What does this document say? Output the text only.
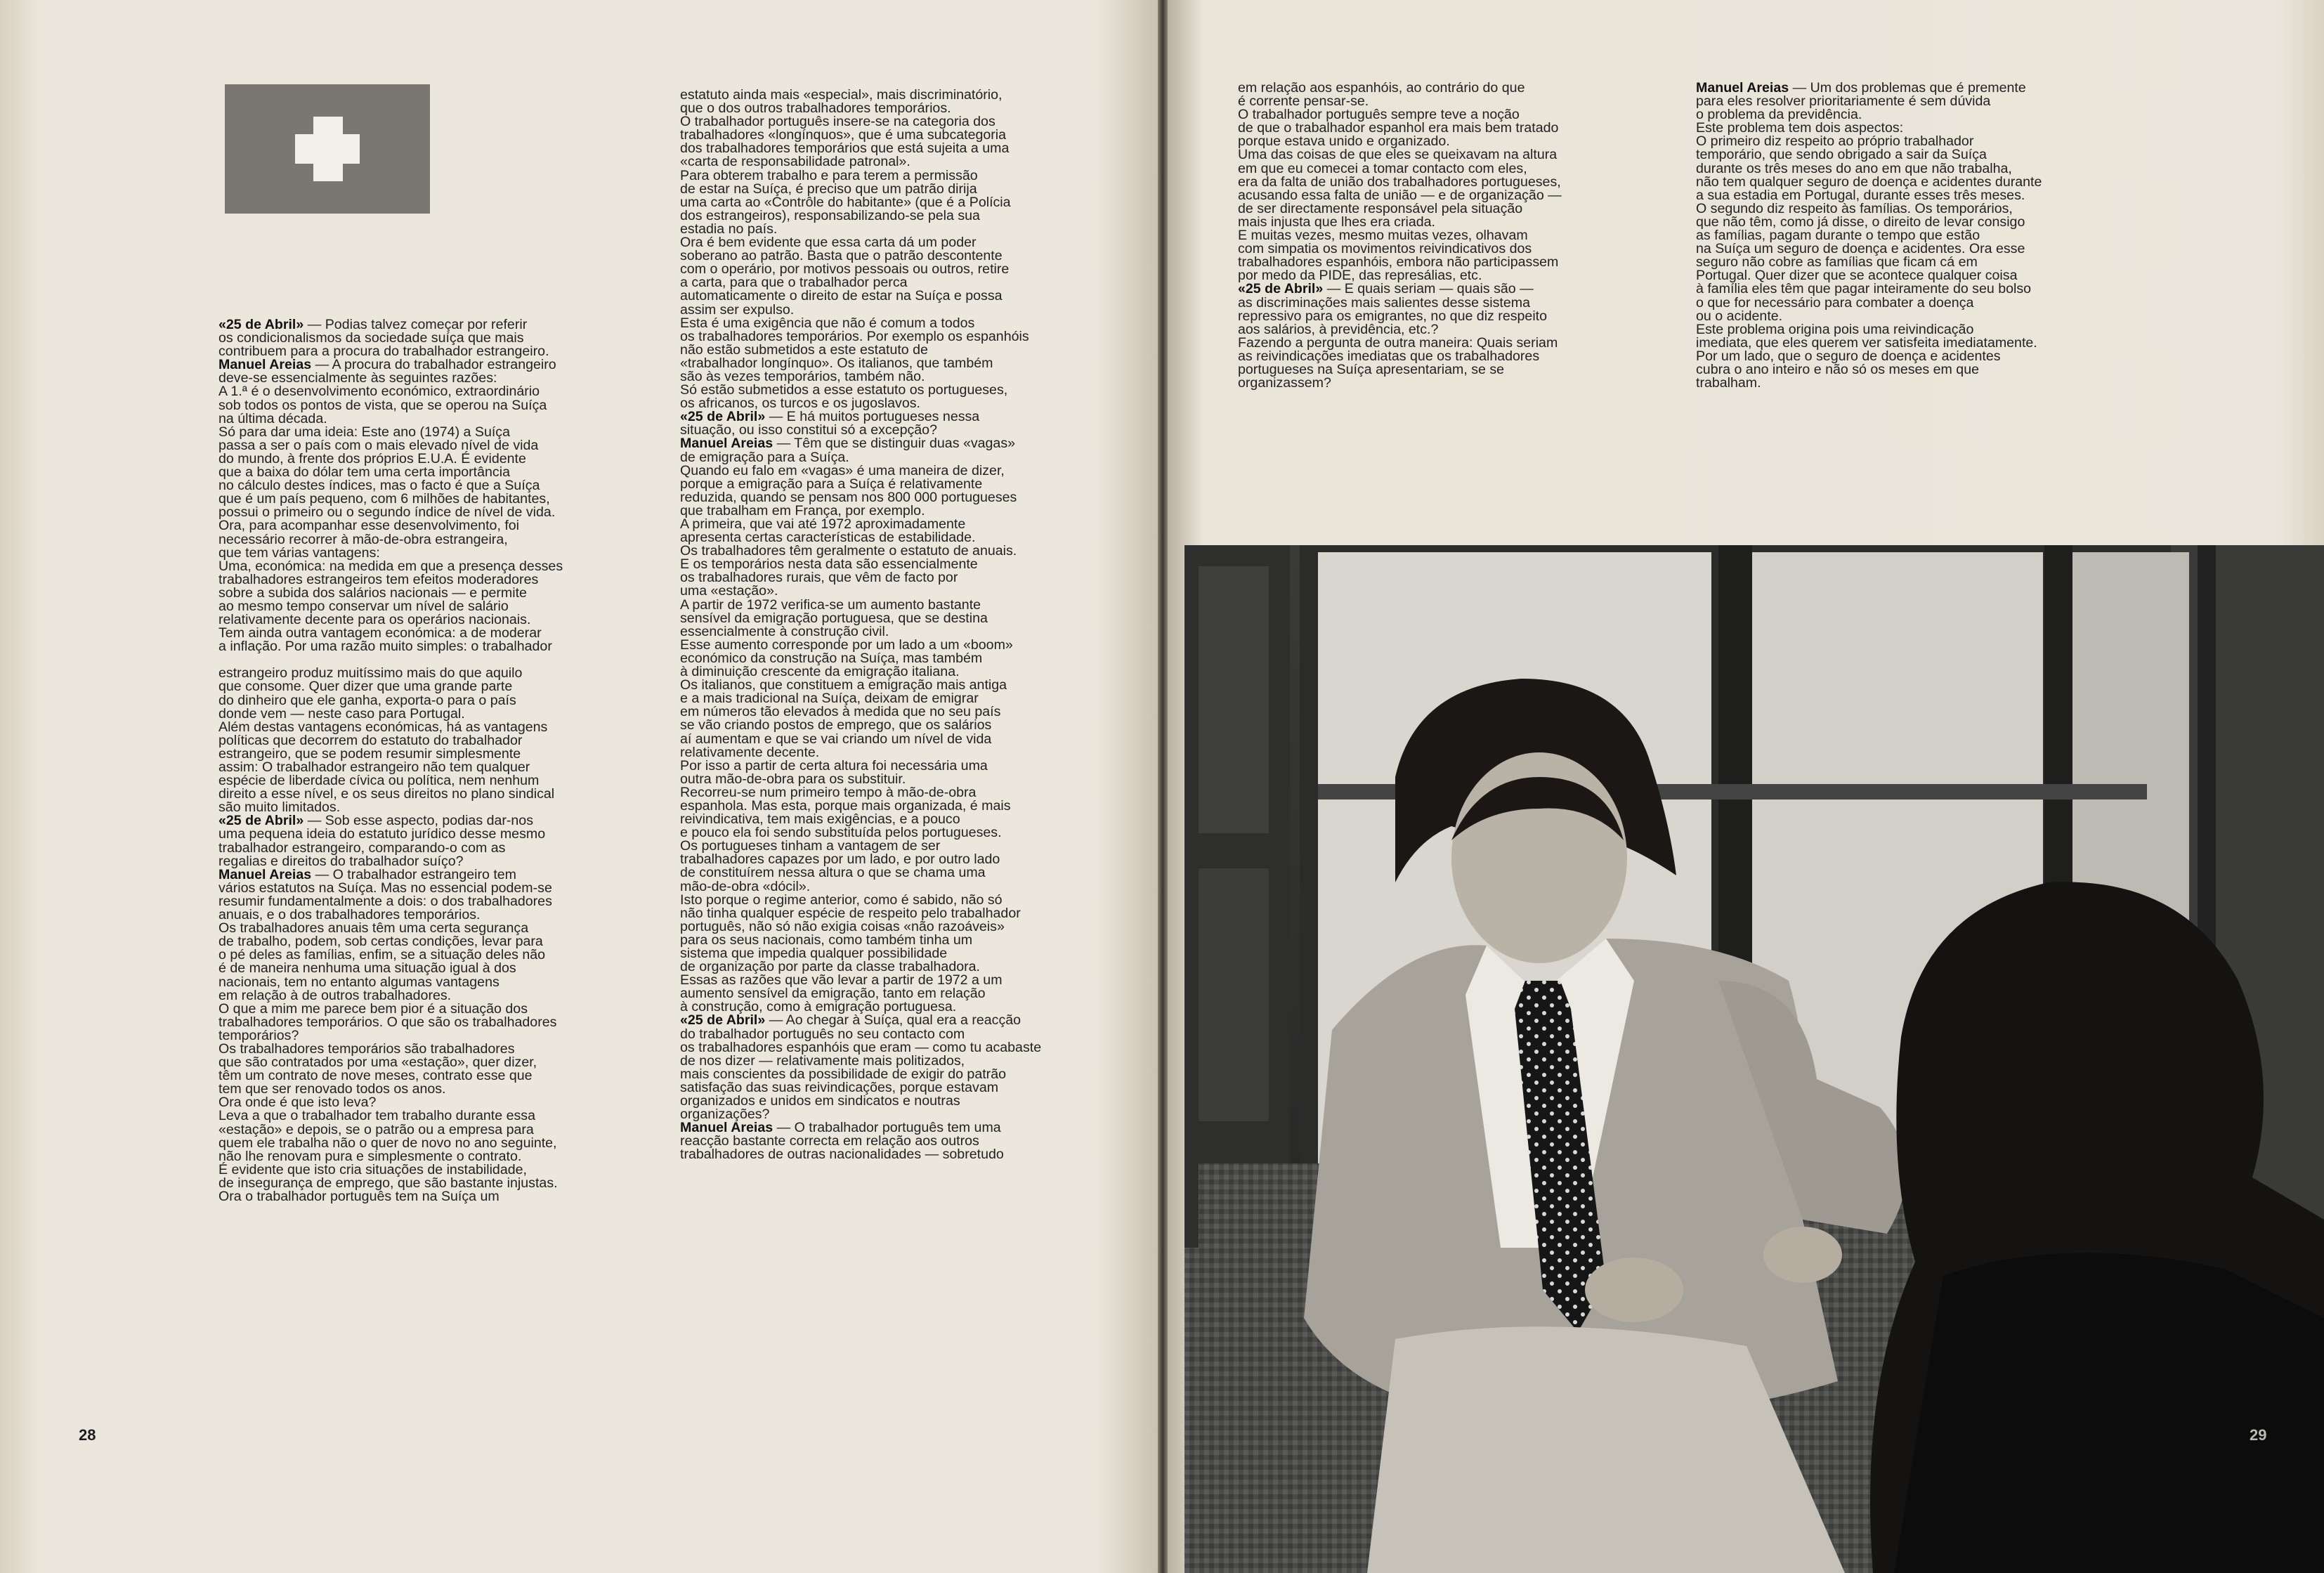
«25 de Abril» — Podias talvez começar por referir
os condicionalismos da sociedade suíça que mais
contribuem para a procura do trabalhador estrangeiro.

Manuel Areias — A procura do trabalhador estrangeiro
deve-se essencialmente às seguintes razões:
A 1.ª é o desenvolvimento económico, extraordinário
sob todos os pontos de vista, que se operou na Suíça
na última década.
Só para dar uma ideia: Este ano (1974) a Suíça
passa a ser o país com o mais elevado nível de vida
do mundo, à frente dos próprios E.U.A. É evidente
que a baixa do dólar tem uma certa importância
no cálculo destes índices, mas o facto é que a Suíça
que é um país pequeno, com 6 milhões de habitantes,
possui o primeiro ou o segundo índice de nível de vida.
Ora, para acompanhar esse desenvolvimento, foi
necessário recorrer à mão-de-obra estrangeira,
que tem várias vantagens:
Uma, económica: na medida em que a presença desses
trabalhadores estrangeiros tem efeitos moderadores
sobre a subida dos salários nacionais — e permite
ao mesmo tempo conservar um nível de salário
relativamente decente para os operários nacionais.
Tem ainda outra vantagem económica: a de moderar
a inflação. Por uma razão muito simples: o trabalhador

estrangeiro produz muitíssimo mais do que aquilo
que consome. Quer dizer que uma grande parte
do dinheiro que ele ganha, exporta-o para o país
donde vem — neste caso para Portugal.
Além destas vantagens económicas, há as vantagens
políticas que decorrem do estatuto do trabalhador
estrangeiro, que se podem resumir simplesmente
assim: O trabalhador estrangeiro não tem qualquer
espécie de liberdade cívica ou política, nem nenhum
direito a esse nível, e os seus direitos no plano sindical
são muito limitados.

«25 de Abril» — Sob esse aspecto, podias dar-nos
uma pequena ideia do estatuto jurídico desse mesmo
trabalhador estrangeiro, comparando-o com as
regalias e direitos do trabalhador suíço?

Manuel Areias — O trabalhador estrangeiro tem
vários estatutos na Suíça. Mas no essencial podem-se
resumir fundamentalmente a dois: o dos trabalhadores
anuais, e o dos trabalhadores temporários.
Os trabalhadores anuais têm uma certa segurança
de trabalho, podem, sob certas condições, levar para
o pé deles as famílias, enfim, se a situação deles não
é de maneira nenhuma uma situação igual à dos
nacionais, tem no entanto algumas vantagens
em relação à de outros trabalhadores.
O que a mim me parece bem pior é a situação dos
trabalhadores temporários. O que são os trabalhadores
temporários?
Os trabalhadores temporários são trabalhadores
que são contratados por uma «estação», quer dizer,
têm um contrato de nove meses, contrato esse que
tem que ser renovado todos os anos.
Ora onde é que isto leva?
Leva a que o trabalhador tem trabalho durante essa
«estação» e depois, se o patrão ou a empresa para
quem ele trabalha não o quer de novo no ano seguinte,
não lhe renovam pura e simplesmente o contrato.
É evidente que isto cria situações de instabilidade,
de insegurança de emprego, que são bastante injustas.
Ora o trabalhador português tem na Suíça um

estatuto ainda mais «especial», mais discriminatório,
que o dos outros trabalhadores temporários.
O trabalhador português insere-se na categoria dos
trabalhadores «longínquos», que é uma subcategoria
dos trabalhadores temporários que está sujeita a uma
«carta de responsabilidade patronal».
Para obterem trabalho e para terem a permissão
de estar na Suíça, é preciso que um patrão dirija
uma carta ao «Contrôle do habitante» (que é a Polícia
dos estrangeiros), responsabilizando-se pela sua
estadia no país.
Ora é bem evidente que essa carta dá um poder
soberano ao patrão. Basta que o patrão descontente
com o operário, por motivos pessoais ou outros, retire
a carta, para que o trabalhador perca
automaticamente o direito de estar na Suíça e possa
assim ser expulso.
Esta é uma exigência que não é comum a todos
os trabalhadores temporários. Por exemplo os espanhóis
não estão submetidos a este estatuto de
«trabalhador longínquo». Os italianos, que também
são às vezes temporários, também não.
Só estão submetidos a esse estatuto os portugueses,
os africanos, os turcos e os jugoslavos.

«25 de Abril» — E há muitos portugueses nessa
situação, ou isso constitui só a excepção?

Manuel Areias — Têm que se distinguir duas «vagas»
de emigração para a Suíça.
Quando eu falo em «vagas» é uma maneira de dizer,
porque a emigração para a Suíça é relativamente
reduzida, quando se pensam nos 800 000 portugueses
que trabalham em França, por exemplo.
A primeira, que vai até 1972 aproximadamente
apresenta certas características de estabilidade.
Os trabalhadores têm geralmente o estatuto de anuais.
E os temporários nesta data são essencialmente
os trabalhadores rurais, que vêm de facto por
uma «estação».
A partir de 1972 verifica-se um aumento bastante
sensível da emigração portuguesa, que se destina
essencialmente à construção civil.
Esse aumento corresponde por um lado a um «boom»
económico da construção na Suíça, mas também
à diminuição crescente da emigração italiana.
Os italianos, que constituem a emigração mais antiga
e a mais tradicional na Suíça, deixam de emigrar
em números tão elevados à medida que no seu país
se vão criando postos de emprego, que os salários
aí aumentam e que se vai criando um nível de vida
relativamente decente.
Por isso a partir de certa altura foi necessária uma
outra mão-de-obra para os substituir.
Recorreu-se num primeiro tempo à mão-de-obra
espanhola. Mas esta, porque mais organizada, é mais
reivindicativa, tem mais exigências, e a pouco
e pouco ela foi sendo substituída pelos portugueses.
Os portugueses tinham a vantagem de ser
trabalhadores capazes por um lado, e por outro lado
de constituírem nessa altura o que se chama uma
mão-de-obra «dócil».
Isto porque o regime anterior, como é sabido, não só
não tinha qualquer espécie de respeito pelo trabalhador
português, não só não exigia coisas «não razoáveis»
para os seus nacionais, como também tinha um
sistema que impedia qualquer possibilidade
de organização por parte da classe trabalhadora.
Essas as razões que vão levar a partir de 1972 a um
aumento sensível da emigração, tanto em relação
à construção, como à emigração portuguesa.

«25 de Abril» — Ao chegar à Suíça, qual era a reacção
do trabalhador português no seu contacto com
os trabalhadores espanhóis que eram — como tu acabaste
de nos dizer — relativamente mais politizados,
mais conscientes da possibilidade de exigir do patrão
satisfação das suas reivindicações, porque estavam
organizados e unidos em sindicatos e noutras
organizações?

Manuel Areias — O trabalhador português tem uma
reacção bastante correcta em relação aos outros
trabalhadores de outras nacionalidades — sobretudo

28

em relação aos espanhóis, ao contrário do que
é corrente pensar-se.
O trabalhador português sempre teve a noção
de que o trabalhador espanhol era mais bem tratado
porque estava unido e organizado.
Uma das coisas de que eles se queixavam na altura
em que eu comecei a tomar contacto com eles,
era da falta de união dos trabalhadores portugueses,
acusando essa falta de união — e de organização —
de ser directamente responsável pela situação
mais injusta que lhes era criada.
E muitas vezes, mesmo muitas vezes, olhavam
com simpatia os movimentos reivindicativos dos
trabalhadores espanhóis, embora não participassem
por medo da PIDE, das represálias, etc.

«25 de Abril» — E quais seriam — quais são —
as discriminações mais salientes desse sistema
repressivo para os emigrantes, no que diz respeito
aos salários, à previdência, etc.?
Fazendo a pergunta de outra maneira: Quais seriam
as reivindicações imediatas que os trabalhadores
portugueses na Suíça apresentariam, se se
organizassem?

Manuel Areias — Um dos problemas que é premente
para eles resolver prioritariamente é sem dúvida
o problema da previdência.
Este problema tem dois aspectos:
O primeiro diz respeito ao próprio trabalhador
temporário, que sendo obrigado a sair da Suíça
durante os três meses do ano em que não trabalha,
não tem qualquer seguro de doença e acidentes durante
a sua estadia em Portugal, durante esses três meses.
O segundo diz respeito às famílias. Os temporários,
que não têm, como já disse, o direito de levar consigo
as famílias, pagam durante o tempo que estão
na Suíça um seguro de doença e acidentes. Ora esse
seguro não cobre as famílias que ficam cá em
Portugal. Quer dizer que se acontece qualquer coisa
à família eles têm que pagar inteiramente do seu bolso
o que for necessário para combater a doença
ou o acidente.
Este problema origina pois uma reivindicação
imediata, que eles querem ver satisfeita imediatamente.
Por um lado, que o seguro de doença e acidentes
cubra o ano inteiro e não só os meses em que
trabalham.

29
